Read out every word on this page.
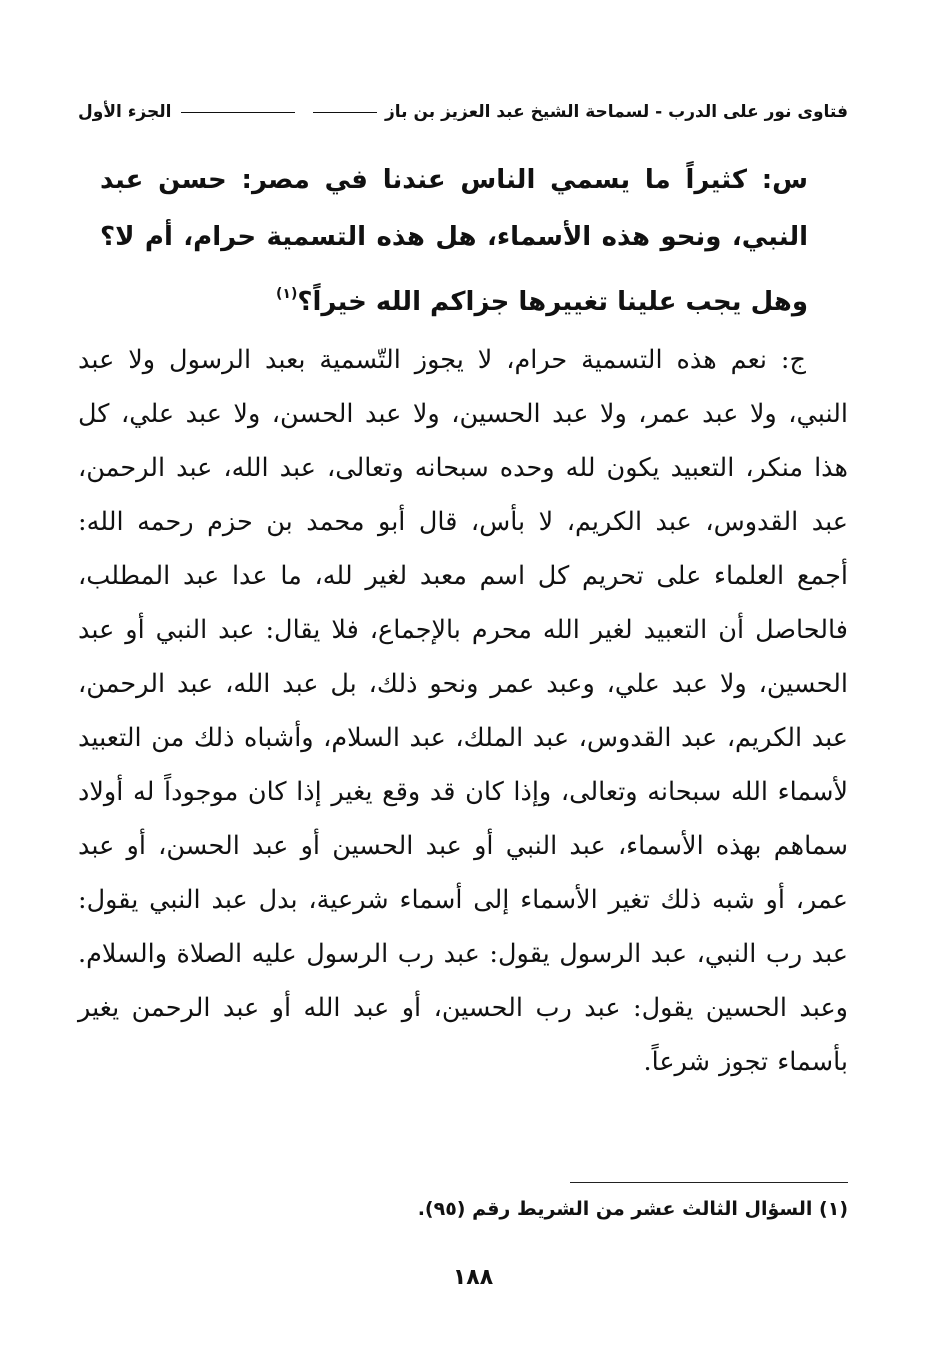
فتاوى نور على الدرب - لسماحة الشيخ عبد العزيز بن باز
الجزء الأول
س: كثيراً ما يسمي الناس عندنا في مصر: حسن عبد النبي، ونحو هذه الأسماء، هل هذه التسمية حرام، أم لا؟ وهل يجب علينا تغييرها جزاكم الله خيراً؟$^{(١)}$
ج: نعم هذه التسمية حرام، لا يجوز التّسمية بعبد الرسول ولا عبد النبي، ولا عبد عمر، ولا عبد الحسين، ولا عبد الحسن، ولا عبد علي، كل هذا منكر، التعبيد يكون لله وحده سبحانه وتعالى، عبد الله، عبد الرحمن، عبد القدوس، عبد الكريم، لا بأس، قال أبو محمد بن حزم رحمه الله: أجمع العلماء على تحريم كل اسم معبد لغير لله، ما عدا عبد المطلب، فالحاصل أن التعبيد لغير الله محرم بالإجماع، فلا يقال: عبد النبي أو عبد الحسين، ولا عبد علي، وعبد عمر ونحو ذلك، بل عبد الله، عبد الرحمن، عبد الكريم، عبد القدوس، عبد الملك، عبد السلام، وأشباه ذلك من التعبيد لأسماء الله سبحانه وتعالى، وإذا كان قد وقع يغير إذا كان موجوداً له أولاد سماهم بهذه الأسماء، عبد النبي أو عبد الحسين أو عبد الحسن، أو عبد عمر، أو شبه ذلك تغير الأسماء إلى أسماء شرعية، بدل عبد النبي يقول: عبد رب النبي، عبد الرسول يقول: عبد رب الرسول عليه الصلاة والسلام. وعبد الحسين يقول: عبد رب الحسين، أو عبد الله أو عبد الرحمن يغير بأسماء تجوز شرعاً.
(١) السؤال الثالث عشر من الشريط رقم (٩٥).
١٨٨
